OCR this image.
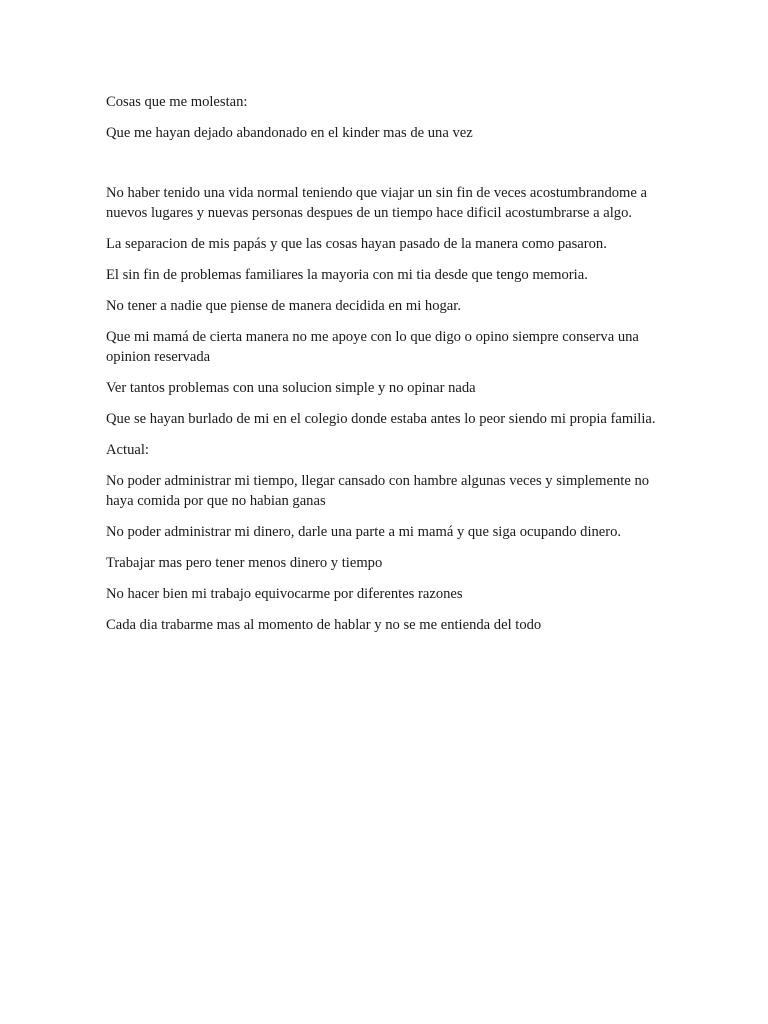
Cosas que me molestan:

Que me hayan dejado abandonado en el kinder mas de una vez

No haber tenido una vida normal teniendo que viajar un sin fin de veces acostumbrandome a nuevos lugares y nuevas personas despues de un tiempo hace dificil acostumbrarse a algo.

La separacion de mis papás y que las cosas hayan pasado de la manera como pasaron.

El sin fin de problemas familiares la mayoria con mi tia desde que tengo memoria.

No tener a nadie que piense de manera decidida en mi hogar.

Que mi mamá de cierta manera no me apoye con lo que digo o opino siempre conserva una opinion reservada

Ver tantos problemas con una solucion simple y no opinar nada

Que se hayan burlado de mi en el colegio donde estaba antes lo peor siendo mi propia familia.

Actual:

No poder administrar mi tiempo, llegar cansado con hambre algunas veces y simplemente no haya comida por que no habian ganas

No poder administrar mi dinero, darle una parte a mi mamá y que siga ocupando dinero.

Trabajar mas pero tener menos dinero y tiempo

No hacer bien mi trabajo equivocarme por diferentes razones

Cada dia trabarme mas al momento de hablar y no se me entienda del todo
